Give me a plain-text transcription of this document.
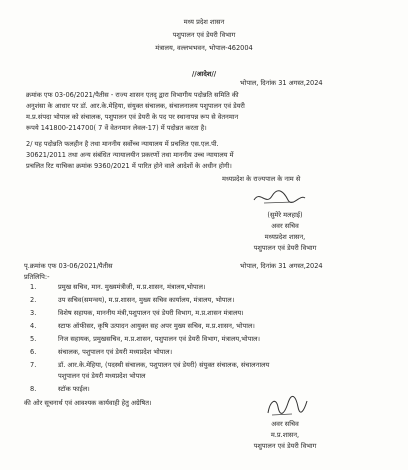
मध्य प्रदेश शासन
पशुपालन एवं डेयरी विभाग
मंत्रालय, वल्लभभवन, भोपाल-462004
//आदेश//
भोपाल, दिनांक 31 अगस्त,2024
क्रमांक एफ 03-06/2021/पैतीस - राज्य शासन एतद् द्वारा विभागीय पदोन्नति समिति की
अनुशंसा के आधार पर डॉ. आर.के.मेहिया, संयुक्त संचालक, संचालनालय पशुपालन एवं डेयरी
म.प्र.संपदा भोपाल को संचालक, पशुपालन एवं डेयरी के पद पर स्थानापन्न रूप से वेतनमान
रूपये 141800-214700( 7 वें वेतनमान लेवल-17) में पदोन्नत करता है।
2/ यह पदोन्नति फलहीन है तथा माननीय सर्वोच्च न्यायालय में प्रचलित एस.एल.पी.
30621/2011 तथा अन्य संबंधित न्यायालयीन प्रकरणों तथा माननीय उच्च न्यायालय में
प्रचलित रिट याचिका क्रमांक 9360/2021 में पारित होने वाले आदेशों के अधीन होगी।
मध्यप्रदेश के राज्यपाल के नाम से
(सुमेरे मलहाई)
अवर सचिव
मध्यप्रदेश शासन,
पशुपालन एवं डेयरी विभाग
पृ.क्रमांक एफ 03-06/2021/पैतीस	भोपाल, दिनांक 31 अगस्त,2024
प्रतिलिपि:-
1.	प्रमुख सचिव, मान. मुख्यमंत्रीजी, म.प्र.शासन, मंत्रालय,भोपाल।
2.	उप सचिव(समन्वय), म.प्र.शासन, मुख्य सचिव कार्यालय, मंत्रालय, भोपाल।
3.	विशेष सहायक, माननीय मंत्री,पशुपालन एवं डेयरी विभाग, म.प्र.शासन मंत्रालय।
4.	स्टाफ ऑफीसर, कृषि उत्पादन आयुक्त सह अपर मुख्य सचिव, म.प्र.शासन, भोपाल।
5.	निज सहायक, प्रमुखसचिव, म.प्र.शासन, पशुपालन एवं डेयरी विभाग, मंत्रालय,भोपाल।
6.	संचालक, पशुपालन एवं डेयरी मध्यप्रदेश भोपाल।
7.	डॉ. आर.के.मेहिया, (पदस्थी संचालक, पशुपालन एवं डेयरी) संयुक्त संचालक, संचालनालय
पशुपालन एवं डेयरी मध्यप्रदेश भोपाल
8.	स्टॉक फाईल।
की ओर सूचनार्थ एवं आवश्यक कार्यवाही हेतु अग्रेषित।
अवर सचिव
म.प्र.शासन,
पशुपालन एवं डेयरी विभाग
